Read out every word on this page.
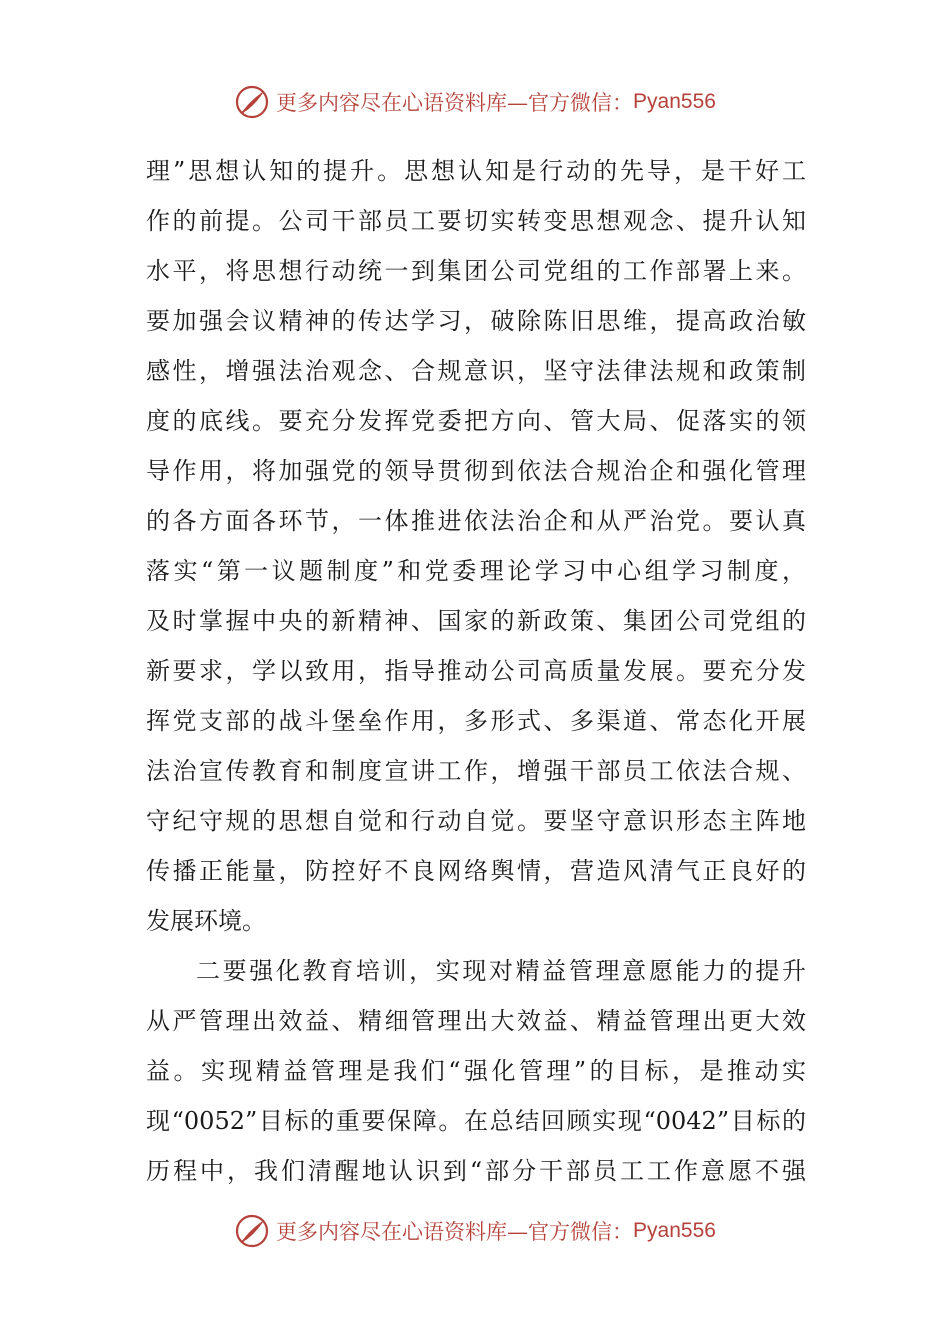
更多内容尽在心语资料库—官方微信： Pyan556
理”思想认知的提升。思想认知是行动的先导，是干好工
作的前提。公司干部员工要切实转变思想观念、提升认知
水平，将思想行动统一到集团公司党组的工作部署上来。
要加强会议精神的传达学习，破除陈旧思维，提高政治敏
感性，增强法治观念、合规意识，坚守法律法规和政策制
度的底线。要充分发挥党委把方向、管大局、促落实的领
导作用，将加强党的领导贯彻到依法合规治企和强化管理
的各方面各环节，一体推进依法治企和从严治党。要认真
落实“第一议题制度”和党委理论学习中心组学习制度，
及时掌握中央的新精神、国家的新政策、集团公司党组的
新要求，学以致用，指导推动公司高质量发展。要充分发
挥党支部的战斗堡垒作用，多形式、多渠道、常态化开展
法治宣传教育和制度宣讲工作，增强干部员工依法合规、
守纪守规的思想自觉和行动自觉。要坚守意识形态主阵地
传播正能量，防控好不良网络舆情，营造风清气正良好的
发展环境。
二要强化教育培训，实现对精益管理意愿能力的提升
从严管理出效益、精细管理出大效益、精益管理出更大效
益。实现精益管理是我们“强化管理”的目标，是推动实
现“0052”目标的重要保障。在总结回顾实现“0042”目标的
历程中，我们清醒地认识到“部分干部员工工作意愿不强
更多内容尽在心语资料库—官方微信： Pyan556
